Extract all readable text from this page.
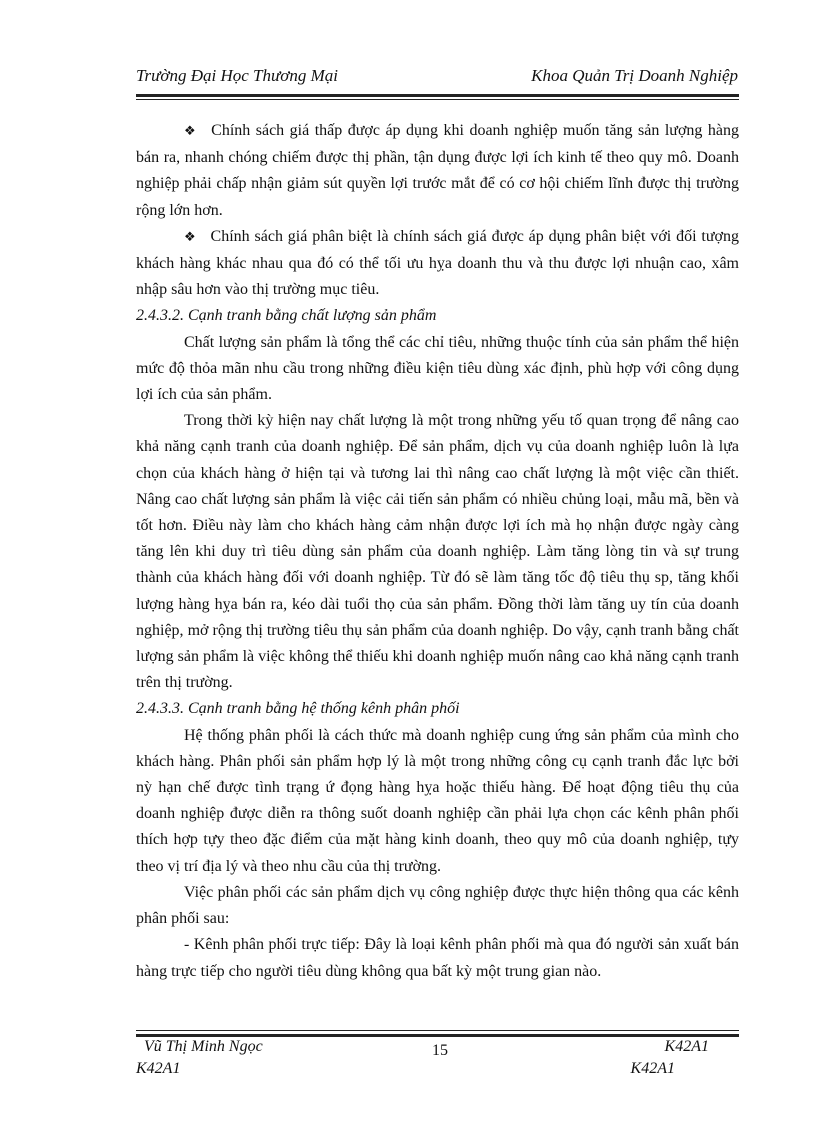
Trường Đại Học Thương Mại	Khoa Quản Trị Doanh Nghiệp

❖ Chính sách giá thấp được áp dụng khi doanh nghiệp muốn tăng sản lượng hàng bán ra, nhanh chóng chiếm được thị phần, tận dụng được lợi ích kinh tế theo quy mô. Doanh nghiệp phải chấp nhận giảm sút quyền lợi trước mắt để có cơ hội chiếm lĩnh được thị trường rộng lớn hơn.

❖ Chính sách giá phân biệt là chính sách giá được áp dụng phân biệt với đối tượng khách hàng khác nhau qua đó có thể tối ưu hỵa doanh thu và thu được lợi nhuận cao, xâm nhập sâu hơn vào thị trường mục tiêu.

2.4.3.2. Cạnh tranh bằng chất lượng sản phẩm

Chất lượng sản phẩm là tổng thể các chỉ tiêu, những thuộc tính của sản phẩm thể hiện mức độ thỏa mãn nhu cầu trong những điều kiện tiêu dùng xác định, phù hợp với công dụng lợi ích của sản phẩm.

Trong thời kỳ hiện nay chất lượng là một trong những yếu tố quan trọng để nâng cao khả năng cạnh tranh của doanh nghiệp. Để sản phẩm, dịch vụ của doanh nghiệp luôn là lựa chọn của khách hàng ở hiện tại và tương lai thì nâng cao chất lượng là một việc cần thiết. Nâng cao chất lượng sản phẩm là việc cải tiến sản phẩm có nhiều chủng loại, mẫu mã, bền và tốt hơn. Điều này làm cho khách hàng cảm nhận được lợi ích mà họ nhận được ngày càng tăng lên khi duy trì tiêu dùng sản phẩm của doanh nghiệp. Làm tăng lòng tin và sự trung thành của khách hàng đối với doanh nghiệp. Từ đó sẽ làm tăng tốc độ tiêu thụ sp, tăng khối lượng hàng hỵa bán ra, kéo dài tuổi thọ của sản phẩm. Đồng thời làm tăng uy tín của doanh nghiệp, mở rộng thị trường tiêu thụ sản phẩm của doanh nghiệp. Do vậy, cạnh tranh bằng chất lượng sản phẩm là việc không thể thiếu khi doanh nghiệp muốn nâng cao khả năng cạnh tranh trên thị trường.

2.4.3.3. Cạnh tranh bằng hệ thống kênh phân phối

Hệ thống phân phối là cách thức mà doanh nghiệp cung ứng sản phẩm của mình cho khách hàng. Phân phối sản phẩm hợp lý là một trong những công cụ cạnh tranh đắc lực bởi nỳ hạn chế được tình trạng ứ đọng hàng hỵa hoặc thiếu hàng. Để hoạt động tiêu thụ của doanh nghiệp được diễn ra thông suốt doanh nghiệp cần phải lựa chọn các kênh phân phối thích hợp tựy theo đặc điểm của mặt hàng kinh doanh, theo quy mô của doanh nghiệp, tựy theo vị trí địa lý và theo nhu cầu của thị trường.

Việc phân phối các sản phẩm dịch vụ công nghiệp được thực hiện thông qua các kênh phân phối sau:

- Kênh phân phối trực tiếp: Đây là loại kênh phân phối mà qua đó người sản xuất bán hàng trực tiếp cho người tiêu dùng không qua bất kỳ một trung gian nào.

Vũ Thị Minh Ngọc
K42A1
15	K42A1
K42A1
